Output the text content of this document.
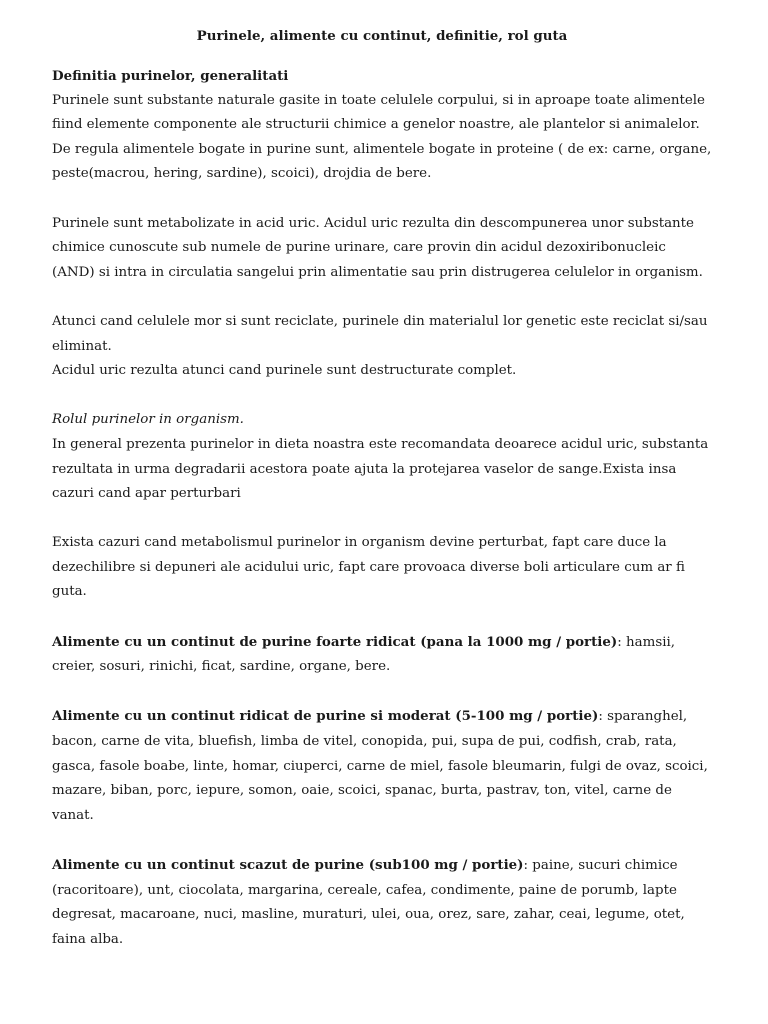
Purinele, alimente cu continut, definitie, rol guta
Definitia purinelor, generalitati

Purinele sunt substante naturale gasite in toate celulele corpului, si in aproape toate alimentele fiind elemente componente ale structurii chimice a genelor noastre, ale plantelor si animalelor. De regula alimentele bogate in purine sunt, alimentele bogate in proteine ( de ex: carne, organe, peste(macrou, hering, sardine), scoici), drojdia de bere.

Purinele sunt metabolizate in acid uric. Acidul uric rezulta din descompunerea unor substante chimice cunoscute sub numele de purine urinare, care provin din acidul dezoxiribonucleic (AND) si intra in circulatia sangelui prin alimentatie sau prin distrugerea celulelor in organism.

Atunci cand celulele mor si sunt reciclate, purinele din materialul lor genetic este reciclat si/sau eliminat.

Acidul uric rezulta atunci cand purinele sunt destructurate complet.

Rolul purinelor in organism.

In general prezenta purinelor in dieta noastra este recomandata deoarece acidul uric, substanta rezultata in urma degradarii acestora poate ajuta la protejarea vaselor de sange.Exista insa cazuri cand apar perturbari

Exista cazuri cand metabolismul purinelor in organism devine perturbat, fapt care duce la dezechilibre si depuneri ale acidului uric, fapt care provoaca diverse boli articulare cum ar fi guta.

Alimente cu un continut de purine foarte ridicat (pana la 1000 mg / portie): hamsii, creier, sosuri, rinichi, ficat, sardine, organe, bere.

Alimente cu un continut ridicat de purine si moderat (5-100 mg / portie): sparanghel, bacon, carne de vita, bluefish, limba de vitel, conopida, pui, supa de pui, codfish, crab, rata, gasca, fasole boabe, linte, homar, ciuperci, carne de miel, fasole bleumarin, fulgi de ovaz, scoici, mazare, biban, porc, iepure, somon, oaie, scoici, spanac, burta, pastrav, ton, vitel, carne de vanat.

Alimente cu un continut scazut de purine (sub100 mg / portie): paine, sucuri chimice (racoritoare), unt, ciocolata, margarina, cereale, cafea, condimente, paine de porumb, lapte degresat, macaroane, nuci, masline, muraturi, ulei, oua, orez, sare, zahar, ceai, legume, otet, faina alba.
